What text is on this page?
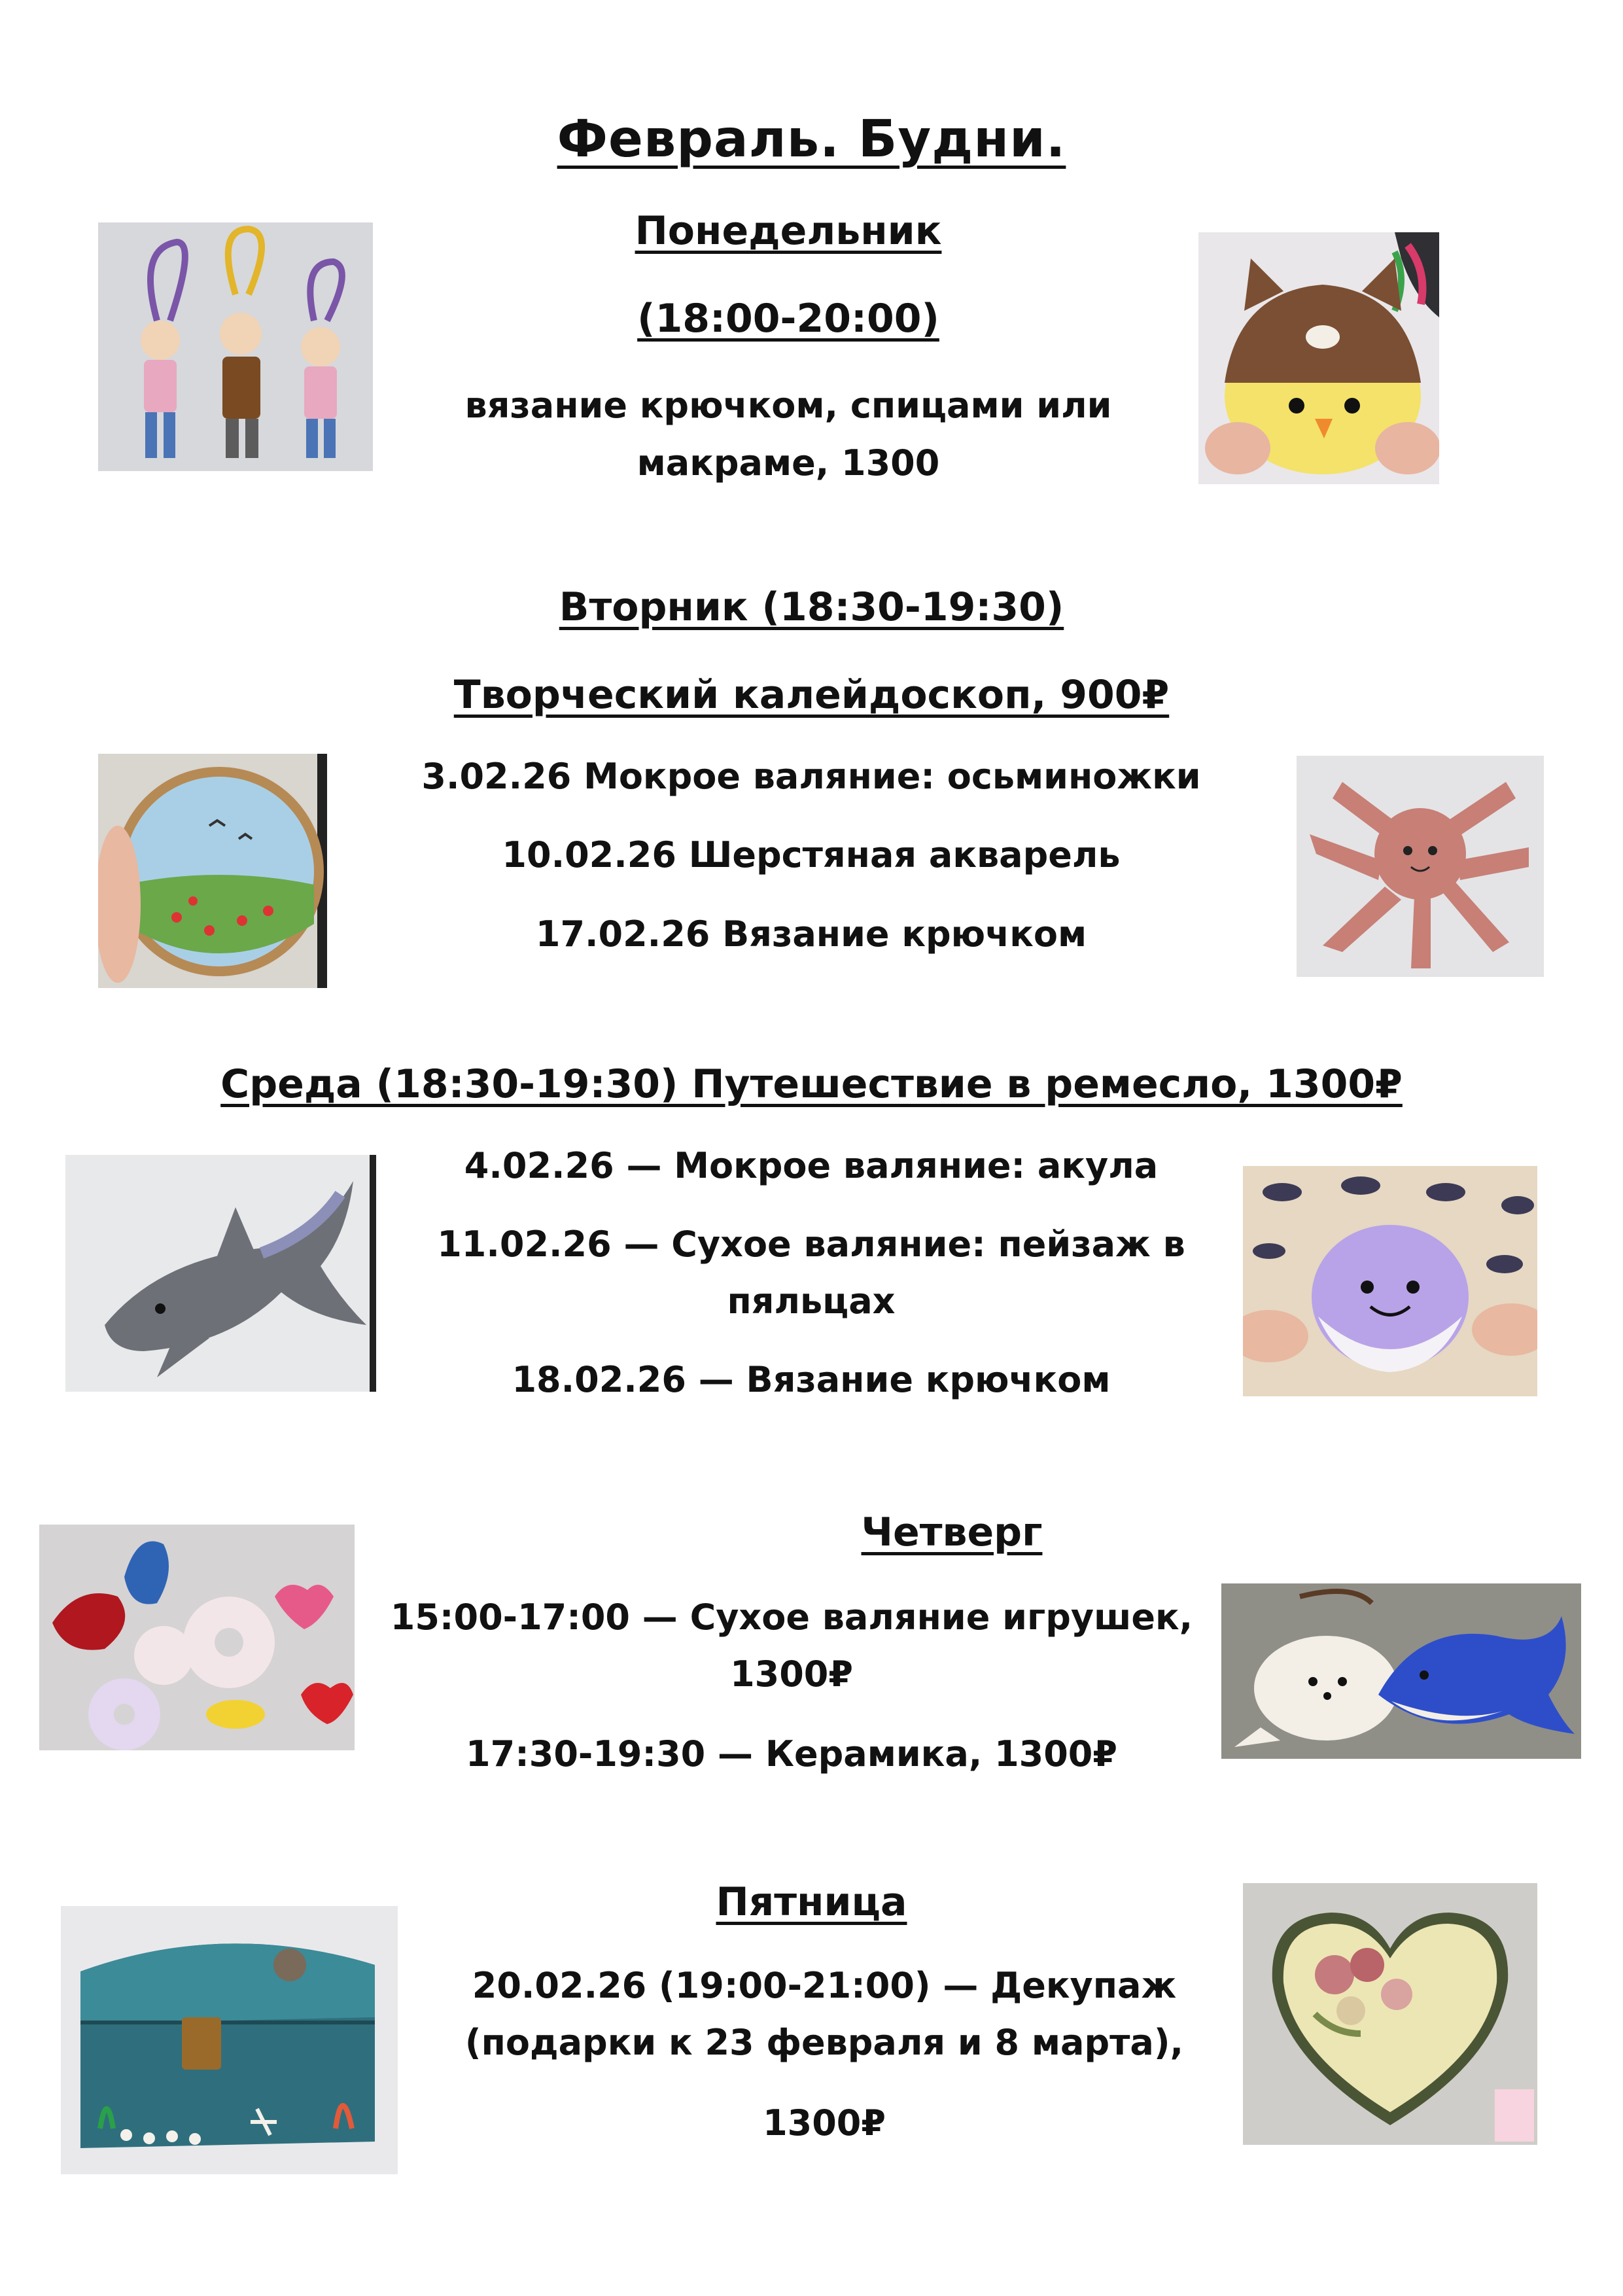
Февраль. Будни.
Понедельник
(18:00-20:00)
вязание крючком, спицами или
макраме, 1300
Вторник (18:30-19:30)
Творческий калейдоскоп, 900₽
3.02.26 Мокрое валяние: осьминожки
10.02.26 Шерстяная акварель
17.02.26 Вязание крючком
Среда (18:30-19:30) Путешествие в ремесло, 1300₽
4.02.26 — Мокрое валяние: акула
11.02.26 — Сухое валяние: пейзаж в
пяльцах
18.02.26 — Вязание крючком
Четверг
15:00-17:00 — Сухое валяние игрушек,
1300₽
17:30-19:30 — Керамика, 1300₽
Пятница
20.02.26 (19:00-21:00) — Декупаж
(подарки к 23 февраля и 8 марта),
1300₽
